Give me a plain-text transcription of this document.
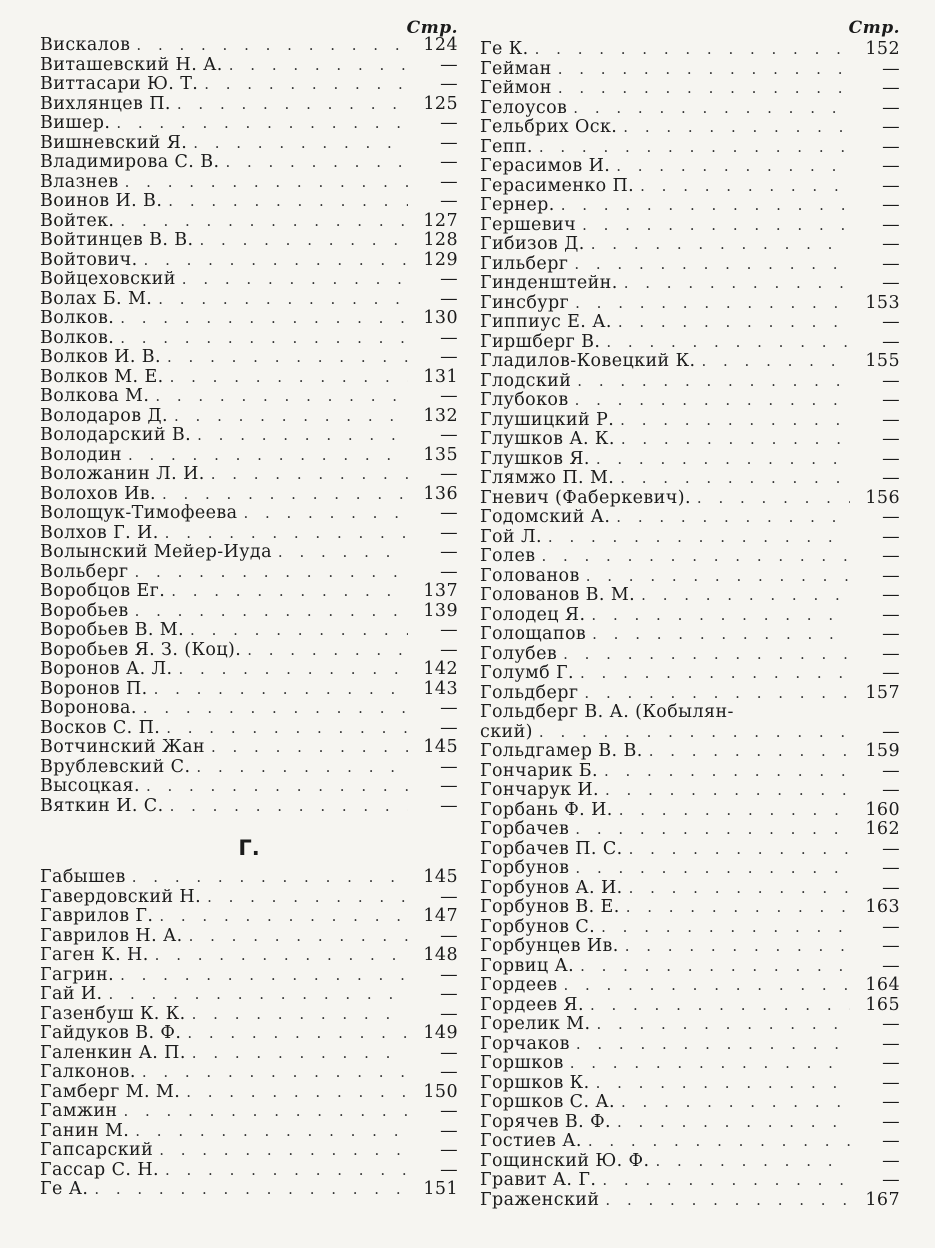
Стр.
Вискалов . . .	124
Виташевский Н. А. . . .	—
Виттасари Ю. Т. . . .	—
Вихлянцев П. . . .	125
Вишер. . . .	—
Вишневский Я. . . .	—
Владимирова С. В. . . .	—
Влазнев . . .	—
Воинов И. В. . . .	—
Войтек. . . .	127
Войтинцев В. В. . . .	128
Войтович. . . .	129
Войцеховский . . .	—
Волах Б. М. . . .	—
Волков. . . .	130
Волков. . . .	—
Волков И. В. . . .	—
Волков М. Е. . . .	131
Волкова М. . . .	—
Володаров Д. . . .	132
Володарский В. . . .	—
Володин . . .	135
Воложанин Л. И. . . .	—
Волохов Ив. . . .	136
Волощук-Тимофеева . . .	—
Волхов Г. И. . . .	—
Волынский Мейер-Иуда . . .	—
Вольберг . . .	—
Воробцов Ег. . . .	137
Воробьев . . .	139
Воробьев В. М. . . .	—
Воробьев Я. З. (Коц). . . .	—
Воронов А. Л. . . .	142
Воронов П. . . .	143
Воронова. . . .	—
Восков С. П. . . .	—
Вотчинский Жан . . .	145
Врублевский С. . . .	—
Высоцкая. . . .	—
Вяткин И. С. . . .	—
Г.
Габышев . . .	145
Гавердовский Н. . . .	—
Гаврилов Г. . . .	147
Гаврилов Н. А. . . .	—
Гаген К. Н. . . .	148
Гагрин. . . .	—
Гай И. . . .	—
Газенбуш К. К. . . .	—
Гайдуков В. Ф. . . .	149
Галенкин А. П. . . .	—
Галконов. . . .	—
Гамберг М. М. . . .	150
Гамжин . . .	—
Ганин М. . . .	—
Гапсарский . . .	—
Гассар С. Н. . . .	—
Ге А. . . .	151
Стр.
Ге К. . . .	152
Гейман . . .	—
Геймон . . .	—
Гелоусов . . .	—
Гельбрих Оск. . . .	—
Гепп. . . .	—
Герасимов И. . . .	—
Герасименко П. . . .	—
Гернер. . . .	—
Гершевич . . .	—
Гибизов Д. . . .	—
Гильберг . . .	—
Гинденштейн. . . .	—
Гинсбург . . .	153
Гиппиус Е. А. . . .	—
Гиршберг В. . . .	—
Гладилов-Ковецкий К. . . .	155
Глодский . . .	—
Глубоков . . .	—
Глушицкий Р. . . .	—
Глушков А. К. . . .	—
Глушков Я. . . .	—
Глямжо П. М. . . .	—
Гневич (Фаберкевич). . . .	156
Годомский А. . . .	—
Гой Л. . . .	—
Голев . . .	—
Голованов . . .	—
Голованов В. М. . . .	—
Голодец Я. . . .	—
Голощапов . . .	—
Голубев . . .	—
Голумб Г. . . .	—
Гольдберг . . .	157
Гольдберг В. А. (Кобылян-
ский) . . .	—
Гольдгамер В. В. . . .	159
Гончарик Б. . . .	—
Гончарук И. . . .	—
Горбань Ф. И. . . .	160
Горбачев . . .	162
Горбачев П. С. . . .	—
Горбунов . . .	—
Горбунов А. И. . . .	—
Горбунов В. Е. . . .	163
Горбунов С. . . .	—
Горбунцев Ив. . . .	—
Горвиц А. . . .	—
Гордеев . . .	164
Гордеев Я. . . .	165
Горелик М. . . .	—
Горчаков . . .	—
Горшков . . .	—
Горшков К. . . .	—
Горшков С. А. . . .	—
Горячев В. Ф. . . .	—
Гостиев А. . . .	—
Гощинский Ю. Ф. . . .	—
Гравит А. Г. . . .	—
Граженский . . .	167
